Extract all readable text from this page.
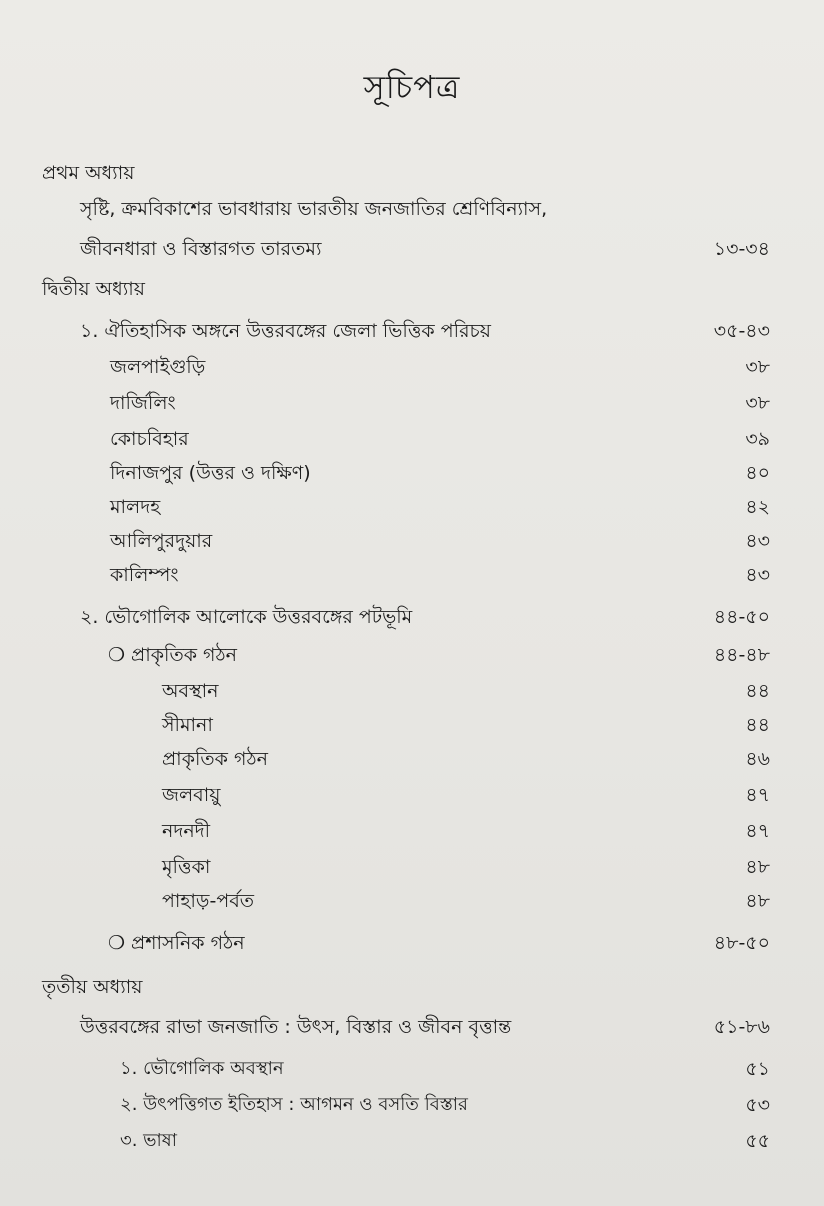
সূচিপত্র
প্রথম অধ্যায়
সৃষ্টি, ক্রমবিকাশের ভাবধারায় ভারতীয় জনজাতির শ্রেণিবিন্যাস,
জীবনধারা ও বিস্তারগত তারতম্য	১৩-৩৪
দ্বিতীয় অধ্যায়
১. ঐতিহাসিক অঙ্গনে উত্তরবঙ্গের জেলা ভিত্তিক পরিচয়	৩৫-৪৩
জলপাইগুড়ি	৩৮
দার্জিলিং	৩৮
কোচবিহার	৩৯
দিনাজপুর (উত্তর ও দক্ষিণ)	৪০
মালদহ	৪২
আলিপুরদুয়ার	৪৩
কালিম্পং	৪৩
২. ভৌগোলিক আলোকে উত্তরবঙ্গের পটভূমি	৪৪-৫০
❍ প্রাকৃতিক গঠন	৪৪-৪৮
অবস্থান	৪৪
সীমানা	৪৪
প্রাকৃতিক গঠন	৪৬
জলবায়ু	৪৭
নদনদী	৪৭
মৃত্তিকা	৪৮
পাহাড়-পর্বত	৪৮
❍ প্রশাসনিক গঠন	৪৮-৫০
তৃতীয় অধ্যায়
উত্তরবঙ্গের রাভা জনজাতি : উৎস, বিস্তার ও জীবন বৃত্তান্ত	৫১-৮৬
১. ভৌগোলিক অবস্থান	৫১
২. উৎপত্তিগত ইতিহাস : আগমন ও বসতি বিস্তার	৫৩
৩. ভাষা	৫৫
